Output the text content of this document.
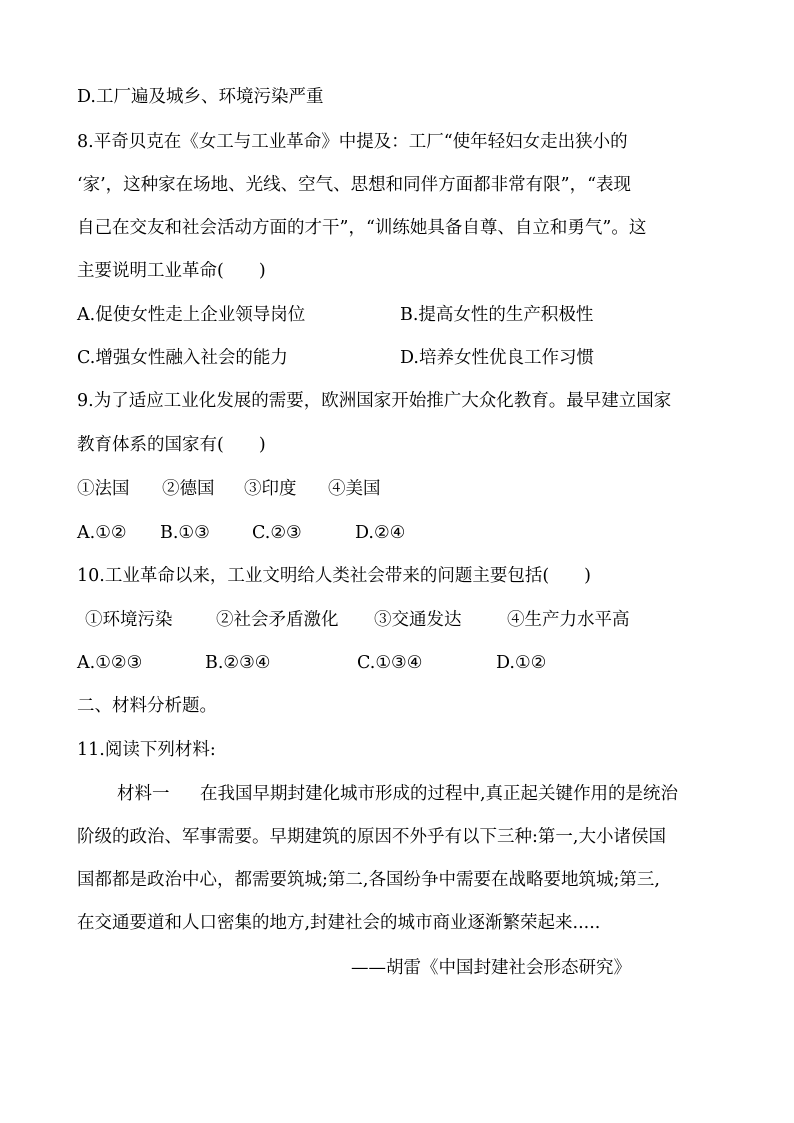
D.工厂遍及城乡、环境污染严重
8.平奇贝克在《女工与工业革命》中提及：工厂“使年轻妇女走出狭小的
‘家’，这种家在场地、光线、空气、思想和同伴方面都非常有限”，“表现
自己在交友和社会活动方面的才干”，“训练她具备自尊、自立和勇气”。这
主要说明工业革命(　　)
A.促使女性走上企业领导岗位	B.提高女性的生产积极性
C.增强女性融入社会的能力	D.培养女性优良工作习惯
9.为了适应工业化发展的需要，欧洲国家开始推广大众化教育。最早建立国家
教育体系的国家有(　　)
①法国 ②德国 ③印度 ④美国
A.①② B.①③ C.②③	D.②④
10.工业革命以来，工业文明给人类社会带来的问题主要包括(　　)
①环境污染 ②社会矛盾激化 ③交通发达	④生产力水平高
A.①②③	B.②③④	C.①③④	D.①②
二、材料分析题。
11.阅读下列材料:
材料一 在我国早期封建化城市形成的过程中,真正起关键作用的是统治
阶级的政治、军事需要。早期建筑的原因不外乎有以下三种:第一,大小诸侯国
国都都是政治中心，都需要筑城;第二,各国纷争中需要在战略要地筑城;第三,
在交通要道和人口密集的地方,封建社会的城市商业逐渐繁荣起来.....
——胡雷《中国封建社会形态研究》
